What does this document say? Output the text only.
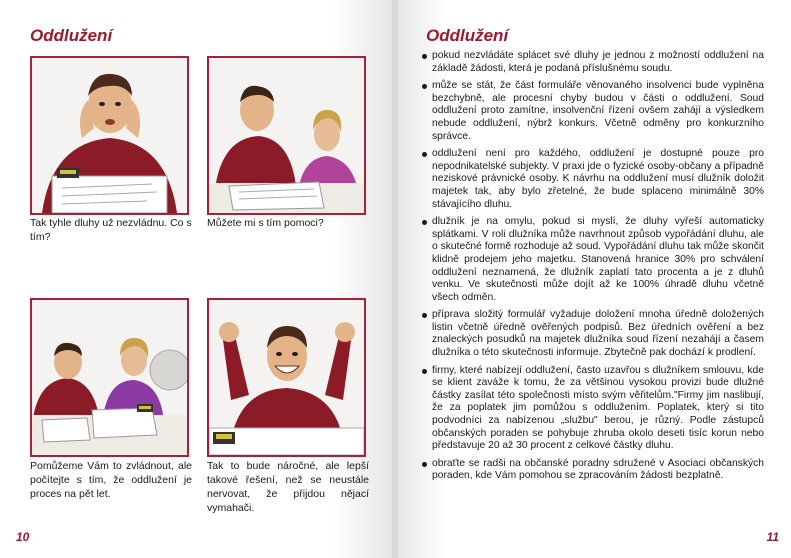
Oddlužení
Tak tyhle dluhy už nezvládnu. Co s tím?
Můžete mi s tím pomoci?
Pomůžeme Vám to zvládnout, ale počítejte s tím, že oddlužení je proces na pět let.
Tak to bude náročné, ale lepší takové řešení, než se neustále nervovat, že přijdou nějací vymahači.
10
Oddlužení
pokud nezvládáte splácet své dluhy je jednou z možností oddlužení na základě žádosti, která je podaná příslušnému soudu.
může se stát, že část formuláře věnovaného insolvenci bude vyplněna bezchybně, ale procesní chyby budou v části o oddlužení. Soud oddlužení proto zamítne, insolvenční řízení ovšem zahájí a výsledkem nebude oddlužení, nýbrž konkurs. Včetně odměny pro konkurzního správce.
oddlužení není pro každého, oddlužení je dostupné pouze pro nepodnikatelské subjekty. V praxi jde o fyzické osoby-občany a případně neziskové právnické osoby. K návrhu na oddlužení musí dlužník doložit majetek tak, aby bylo zřetelné, že bude splaceno minimálně 30% stávajícího dluhu.
dlužník je na omylu, pokud si myslí, že dluhy vyřeší automaticky splátkami. V roli dlužníka může navrhnout způsob vypořádání dluhu, ale o skutečné formě rozhoduje až soud. Vypořádání dluhu tak může skončit klidně prodejem jeho majetku. Stanovená hranice 30% pro schválení oddlužení neznamená, že dlužník zaplatí tato procenta a je z dluhů venku. Ve skutečnosti může dojít až ke 100% úhradě dluhu včetně všech odměn.
příprava složitý formulář vyžaduje doložení mnoha úředně doložených listin včetně úředně ověřených podpisů. Bez úředních ověření a bez znaleckých posudků na majetek dlužníka soud řízení nezahájí a časem dlužníka o této skutečnosti informuje. Zbytečně pak dochází k prodlení.
firmy, které nabízejí oddlužení, často uzavřou s dlužníkem smlouvu, kde se klient zaváže k tomu, že za většinou vysokou provizi bude dlužné částky zasílat této společnosti místo svým věřitelům."Firmy jim naslibují, že za poplatek jim pomůžou s oddlužením. Poplatek, který si tito podvodníci za nabízenou „službu" berou, je různý. Podle zástupců občanských poraden se pohybuje zhruba okolo deseti tisíc korun nebo představuje 20 až 30 procent z celkové částky dluhu.
obraťte se radši na občanské poradny sdružené v Asociaci občanských poraden, kde Vám pomohou se zpracováním žádosti bezplatně.
11
